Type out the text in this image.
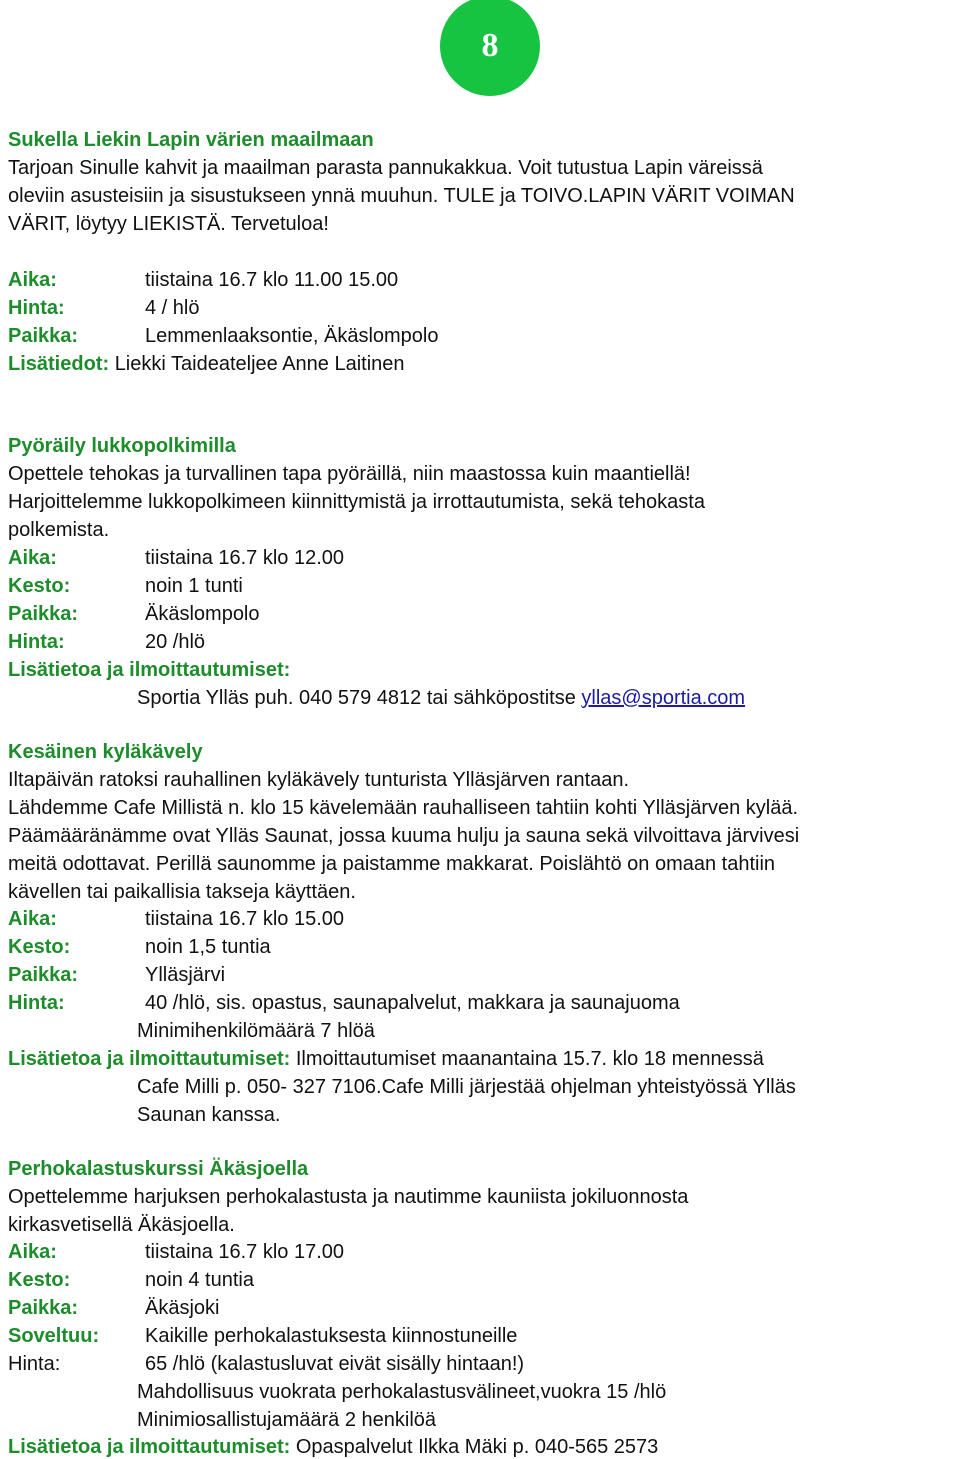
8
Sukella Liekin Lapin värien maailmaan
Tarjoan Sinulle kahvit ja maailman parasta pannukakkua. Voit tutustua Lapin väreissä
oleviin asusteisiin ja sisustukseen ynnä muuhun. TULE ja TOIVO.LAPIN VÄRIT VOIMAN
VÄRIT, löytyy LIEKISTÄ. Tervetuloa!
Aika:	tiistaina 16.7 klo 11.00 15.00
Hinta:	4 / hlö
Paikka:	Lemmenlaaksontie, Äkäslompolo
Lisätiedot: Liekki Taideateljee Anne Laitinen
Pyöräily lukkopolkimilla
Opettele tehokas ja turvallinen tapa pyöräillä, niin maastossa kuin maantiellä!
Harjoittelemme lukkopolkimeen kiinnittymistä ja irrottautumista, sekä tehokasta
polkemista.
Aika:	tiistaina 16.7 klo 12.00
Kesto:	noin 1 tunti
Paikka:	Äkäslompolo
Hinta:	20 /hlö
Lisätietoa ja ilmoittautumiset:
Sportia Ylläs puh. 040 579 4812 tai sähköpostitse yllas@sportia.com
Kesäinen kyläkävely
Iltapäivän ratoksi rauhallinen kyläkävely tunturista Ylläsjärven rantaan.
Lähdemme Cafe Millistä n. klo 15 kävelemään rauhalliseen tahtiin kohti Ylläsjärven kylää.
Päämääränämme ovat Ylläs Saunat, jossa kuuma hulju ja sauna sekä vilvoittava järvivesi
meitä odottavat. Perillä saunomme ja paistamme makkarat. Poislähtö on omaan tahtiin
kävellen tai paikallisia takseja käyttäen.
Aika:	tiistaina 16.7 klo 15.00
Kesto:	noin 1,5 tuntia
Paikka:	Ylläsjärvi
Hinta:	40 /hlö, sis. opastus, saunapalvelut, makkara ja saunajuoma
Minimihenkilömäärä 7 hlöä
Lisätietoa ja ilmoittautumiset: Ilmoittautumiset maanantaina 15.7. klo 18 mennessä
Cafe Milli p. 050- 327 7106.Cafe Milli järjestää ohjelman yhteistyössä Ylläs
Saunan kanssa.
Perhokalastuskurssi Äkäsjoella
Opettelemme harjuksen perhokalastusta ja nautimme kauniista jokiluonnosta
kirkasvetisellä Äkäsjoella.
Aika:	tiistaina 16.7 klo 17.00
Kesto:	noin 4 tuntia
Paikka:	Äkäsjoki
Soveltuu: Kaikille perhokalastuksesta kiinnostuneille
Hinta:	65 /hlö (kalastusluvat eivät sisälly hintaan!)
Mahdollisuus vuokrata perhokalastusvälineet,vuokra 15 /hlö
Minimiosallistujamäärä 2 henkilöä
Lisätietoa ja ilmoittautumiset: Opaspalvelut Ilkka Mäki p. 040-565 2573
